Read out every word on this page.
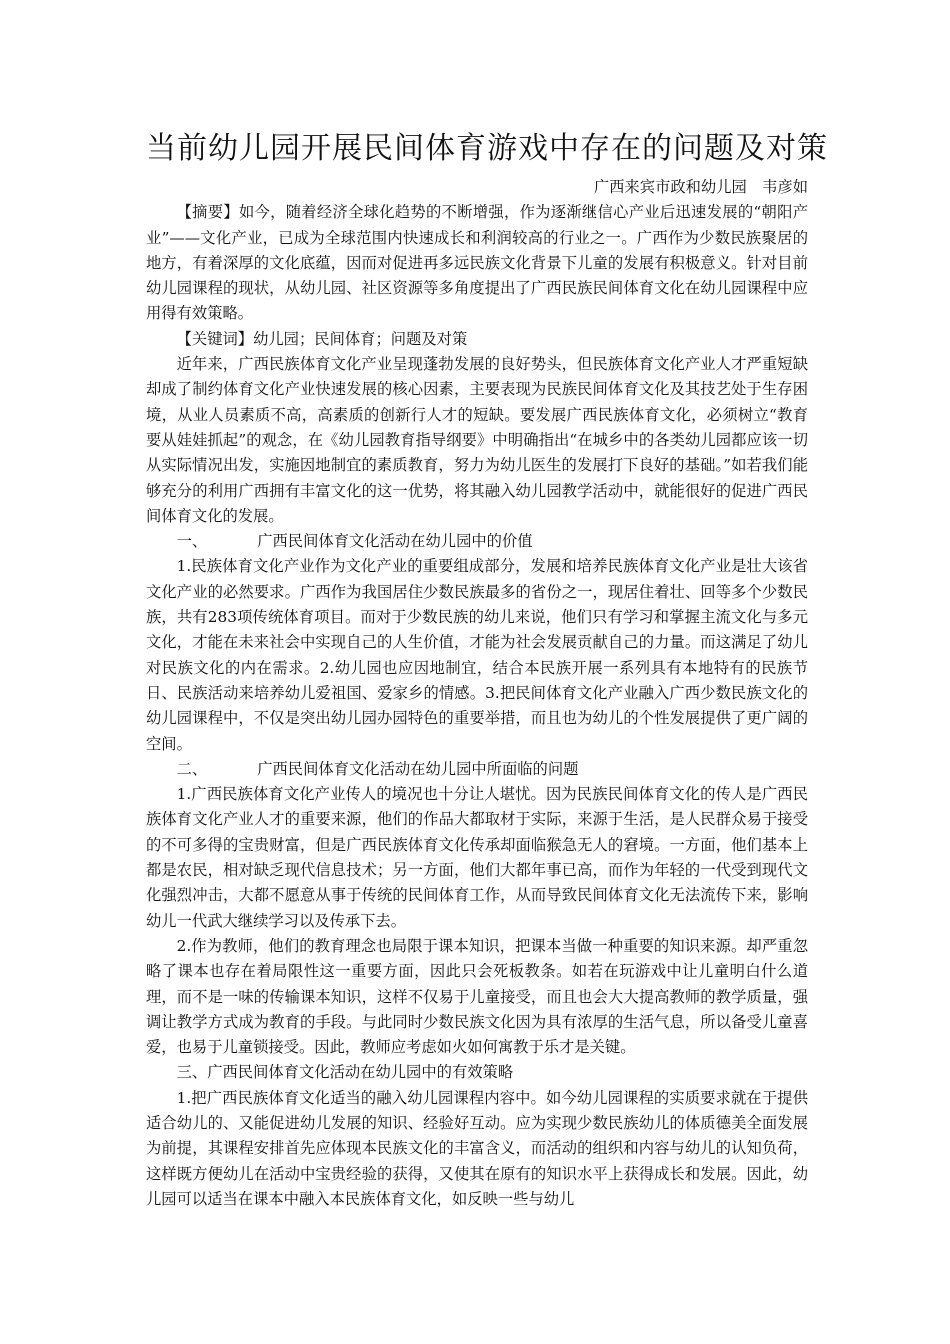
当前幼儿园开展民间体育游戏中存在的问题及对策
广西来宾市政和幼儿园　韦彦如

【摘要】如今，随着经济全球化趋势的不断增强，作为逐渐继信心产业后迅速发展的“朝阳产业”——文化产业，已成为全球范围内快速成长和利润较高的行业之一。广西作为少数民族聚居的地方，有着深厚的文化底蕴，因而对促进再多远民族文化背景下儿童的发展有积极意义。针对目前幼儿园课程的现状，从幼儿园、社区资源等多角度提出了广西民族民间体育文化在幼儿园课程中应用得有效策略。

【关键词】幼儿园；民间体育；问题及对策

近年来，广西民族体育文化产业呈现蓬勃发展的良好势头，但民族体育文化产业人才严重短缺却成了制约体育文化产业快速发展的核心因素，主要表现为民族民间体育文化及其技艺处于生存困境，从业人员素质不高，高素质的创新行人才的短缺。要发展广西民族体育文化，必须树立“教育要从娃娃抓起”的观念，在《幼儿园教育指导纲要》中明确指出“在城乡中的各类幼儿园都应该一切从实际情况出发，实施因地制宜的素质教育，努力为幼儿医生的发展打下良好的基础。”如若我们能够充分的利用广西拥有丰富文化的这一优势，将其融入幼儿园教学活动中，就能很好的促进广西民间体育文化的发展。

一、	广西民间体育文化活动在幼儿园中的价值

1.民族体育文化产业作为文化产业的重要组成部分，发展和培养民族体育文化产业是壮大该省文化产业的必然要求。广西作为我国居住少数民族最多的省份之一，现居住着壮、回等多个少数民族，共有283项传统体育项目。而对于少数民族的幼儿来说，他们只有学习和掌握主流文化与多元文化，才能在未来社会中实现自己的人生价值，才能为社会发展贡献自己的力量。而这满足了幼儿对民族文化的内在需求。2.幼儿园也应因地制宜，结合本民族开展一系列具有本地特有的民族节日、民族活动来培养幼儿爱祖国、爱家乡的情感。3.把民间体育文化产业融入广西少数民族文化的幼儿园课程中，不仅是突出幼儿园办园特色的重要举措，而且也为幼儿的个性发展提供了更广阔的空间。

二、	广西民间体育文化活动在幼儿园中所面临的问题

1.广西民族体育文化产业传人的境况也十分让人堪忧。因为民族民间体育文化的传人是广西民族体育文化产业人才的重要来源，他们的作品大都取材于实际，来源于生活，是人民群众易于接受的不可多得的宝贵财富，但是广西民族体育文化传承却面临猴急无人的窘境。一方面，他们基本上都是农民，相对缺乏现代信息技术；另一方面，他们大都年事已高，而作为年轻的一代受到现代文化强烈冲击，大都不愿意从事于传统的民间体育工作，从而导致民间体育文化无法流传下来，影响幼儿一代武大继续学习以及传承下去。

2.作为教师，他们的教育理念也局限于课本知识，把课本当做一种重要的知识来源。却严重忽略了课本也存在着局限性这一重要方面，因此只会死板教条。如若在玩游戏中让儿童明白什么道理，而不是一味的传输课本知识，这样不仅易于儿童接受，而且也会大大提高教师的教学质量，强调让教学方式成为教育的手段。与此同时少数民族文化因为具有浓厚的生活气息，所以备受儿童喜爱，也易于儿童锁接受。因此，教师应考虑如火如何寓教于乐才是关键。

三、广西民间体育文化活动在幼儿园中的有效策略

1.把广西民族体育文化适当的融入幼儿园课程内容中。如今幼儿园课程的实质要求就在于提供适合幼儿的、又能促进幼儿发展的知识、经验好互动。应为实现少数民族幼儿的体质德美全面发展为前提，其课程安排首先应体现本民族文化的丰富含义，而活动的组织和内容与幼儿的认知负荷，这样既方便幼儿在活动中宝贵经验的获得，又使其在原有的知识水平上获得成长和发展。因此，幼儿园可以适当在课本中融入本民族体育文化，如反映一些与幼儿
